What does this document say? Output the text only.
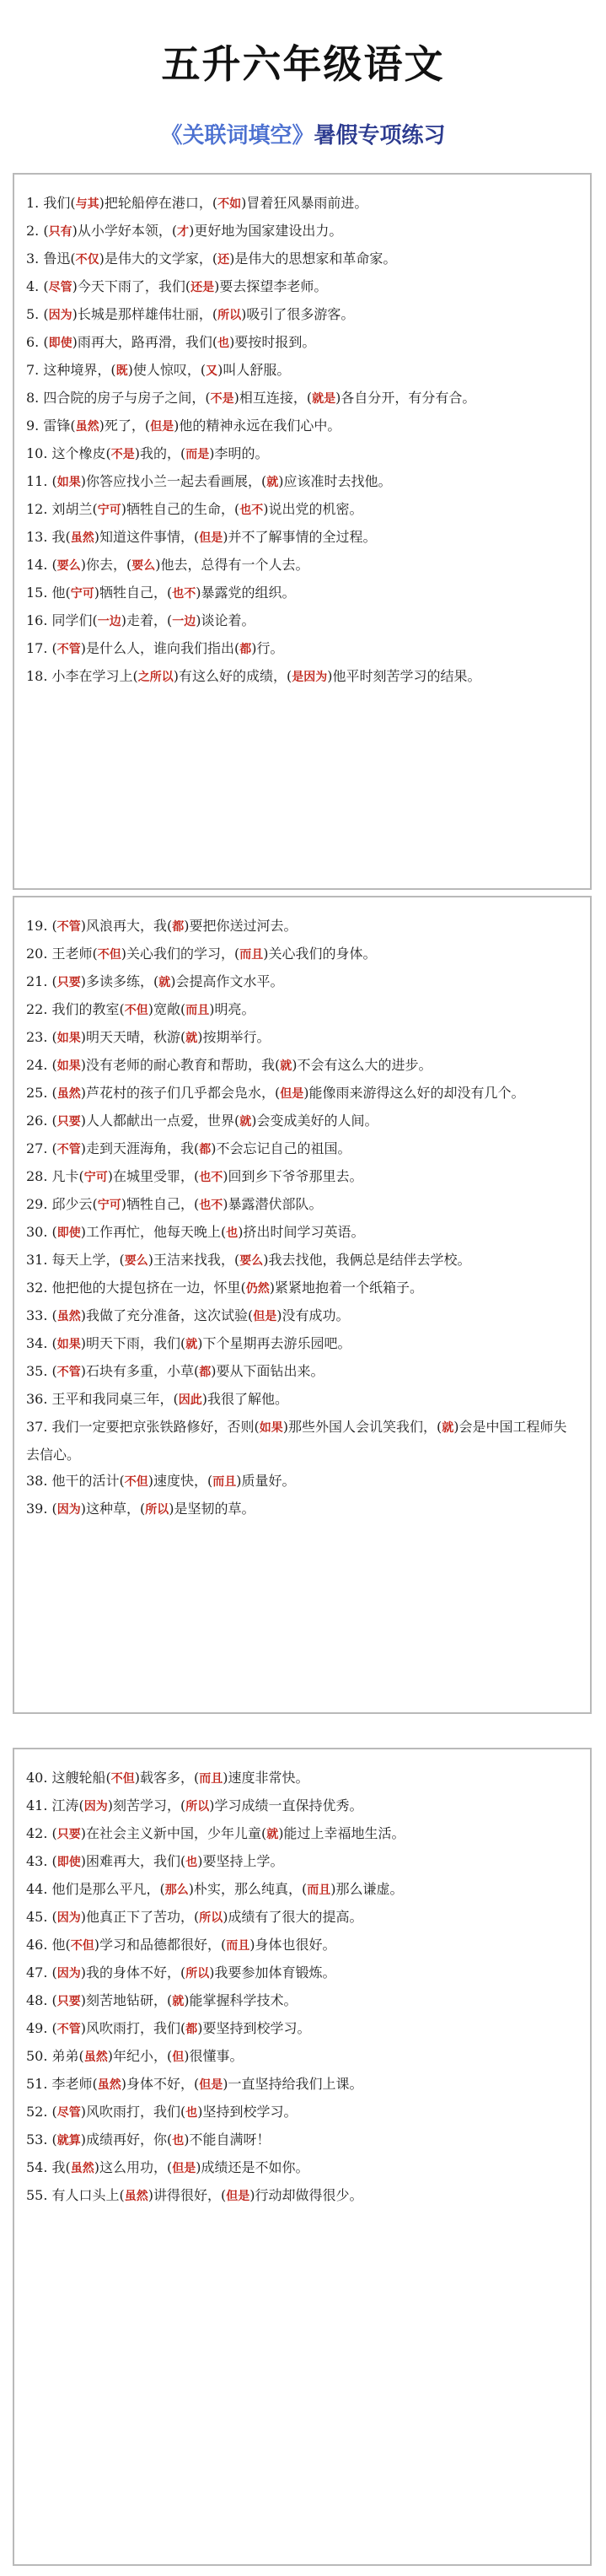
五升六年级语文
《关联词填空》暑假专项练习
1. 我们(与其)把轮船停在港口，(不如)冒着狂风暴雨前进。
2. (只有)从小学好本领，(才)更好地为国家建设出力。
3. 鲁迅(不仅)是伟大的文学家，(还)是伟大的思想家和革命家。
4. (尽管)今天下雨了，我们(还是)要去探望李老师。
5. (因为)长城是那样雄伟壮丽，(所以)吸引了很多游客。
6. (即使)雨再大，路再滑，我们(也)要按时报到。
7. 这种境界，(既)使人惊叹，(又)叫人舒服。
8. 四合院的房子与房子之间，(不是)相互连接，(就是)各自分开，有分有合。
9. 雷锋(虽然)死了，(但是)他的精神永远在我们心中。
10. 这个橡皮(不是)我的，(而是)李明的。
11. (如果)你答应找小兰一起去看画展，(就)应该准时去找他。
12. 刘胡兰(宁可)牺牲自己的生命，(也不)说出党的机密。
13. 我(虽然)知道这件事情，(但是)并不了解事情的全过程。
14. (要么)你去，(要么)他去，总得有一个人去。
15. 他(宁可)牺牲自己，(也不)暴露党的组织。
16. 同学们(一边)走着，(一边)谈论着。
17. (不管)是什么人，谁向我们指出(都)行。
18. 小李在学习上(之所以)有这么好的成绩，(是因为)他平时刻苦学习的结果。
19. (不管)风浪再大，我(都)要把你送过河去。
20. 王老师(不但)关心我们的学习，(而且)关心我们的身体。
21. (只要)多读多练，(就)会提高作文水平。
22. 我们的教室(不但)宽敞(而且)明亮。
23. (如果)明天天晴，秋游(就)按期举行。
24. (如果)没有老师的耐心教育和帮助，我(就)不会有这么大的进步。
25. (虽然)芦花村的孩子们几乎都会凫水，(但是)能像雨来游得这么好的却没有几个。
26. (只要)人人都献出一点爱，世界(就)会变成美好的人间。
27. (不管)走到天涯海角，我(都)不会忘记自己的祖国。
28. 凡卡(宁可)在城里受罪，(也不)回到乡下爷爷那里去。
29. 邱少云(宁可)牺牲自己，(也不)暴露潜伏部队。
30. (即使)工作再忙，他每天晚上(也)挤出时间学习英语。
31. 每天上学，(要么)王洁来找我，(要么)我去找他，我俩总是结伴去学校。
32. 他把他的大提包挤在一边，怀里(仍然)紧紧地抱着一个纸箱子。
33. (虽然)我做了充分准备，这次试验(但是)没有成功。
34. (如果)明天下雨，我们(就)下个星期再去游乐园吧。
35. (不管)石块有多重，小草(都)要从下面钻出来。
36. 王平和我同桌三年，(因此)我很了解他。
37. 我们一定要把京张铁路修好，否则(如果)那些外国人会讥笑我们，(就)会是中国工程师失去信心。
38. 他干的活计(不但)速度快，(而且)质量好。
39. (因为)这种草，(所以)是坚韧的草。
40. 这艘轮船(不但)载客多，(而且)速度非常快。
41. 江涛(因为)刻苦学习，(所以)学习成绩一直保持优秀。
42. (只要)在社会主义新中国，少年儿童(就)能过上幸福地生活。
43. (即使)困难再大，我们(也)要坚持上学。
44. 他们是那么平凡，(那么)朴实，那么纯真，(而且)那么谦虚。
45. (因为)他真正下了苦功，(所以)成绩有了很大的提高。
46. 他(不但)学习和品德都很好，(而且)身体也很好。
47. (因为)我的身体不好，(所以)我要参加体育锻炼。
48. (只要)刻苦地钻研，(就)能掌握科学技术。
49. (不管)风吹雨打，我们(都)要坚持到校学习。
50. 弟弟(虽然)年纪小，(但)很懂事。
51. 李老师(虽然)身体不好，(但是)一直坚持给我们上课。
52. (尽管)风吹雨打，我们(也)坚持到校学习。
53. (就算)成绩再好，你(也)不能自满呀！
54. 我(虽然)这么用功，(但是)成绩还是不如你。
55. 有人口头上(虽然)讲得很好，(但是)行动却做得很少。
